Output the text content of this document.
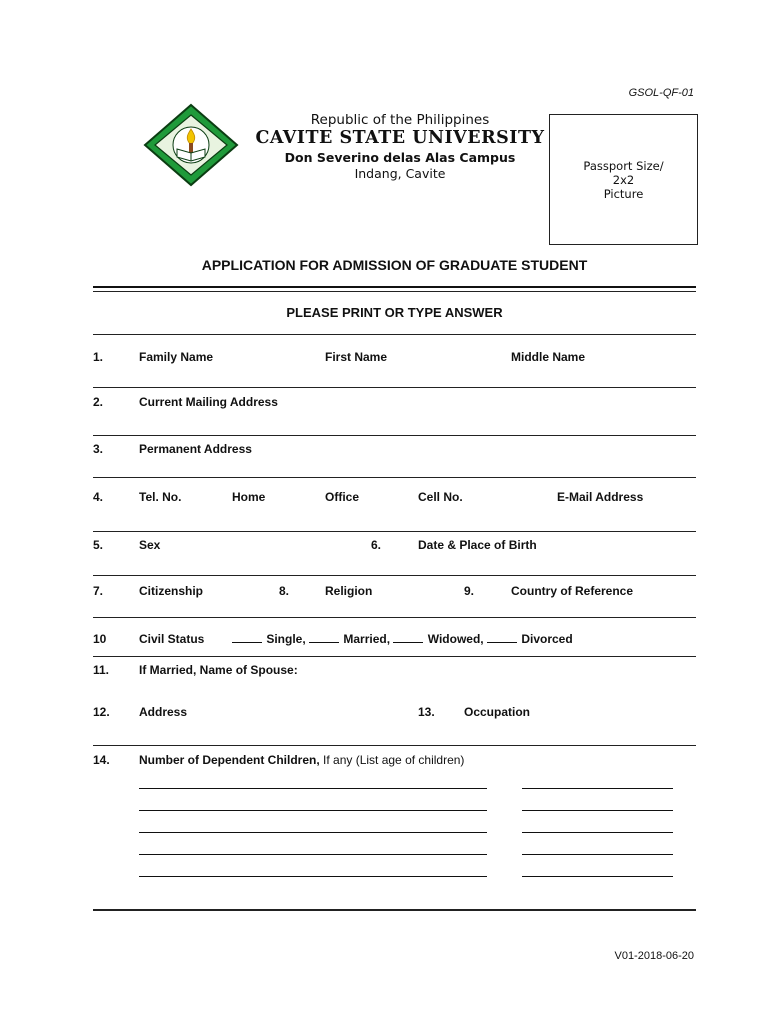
GSOL-QF-01
Republic of the Philippines
CAVITE STATE UNIVERSITY
Don Severino delas Alas Campus
Indang, Cavite	Passport Size/
2x2
Picture
APPLICATION FOR ADMISSION OF GRADUATE STUDENT
PLEASE PRINT OR TYPE ANSWER
1.	Family Name	First Name	Middle Name
2.	Current Mailing Address
3.	Permanent Address
4.	Tel. No.	Home	Office	Cell No.	E-Mail Address
5.	Sex	6.	Date & Place of Birth
7.	Citizenship	8.	Religion	9.	Country of Reference
10	Civil Status	Single,	Married,	Widowed,	Divorced
11. If Married, Name of Spouse:
12. Address	13. Occupation
14. Number of Dependent Children, If any (List age of children)
V01-2018-06-20
